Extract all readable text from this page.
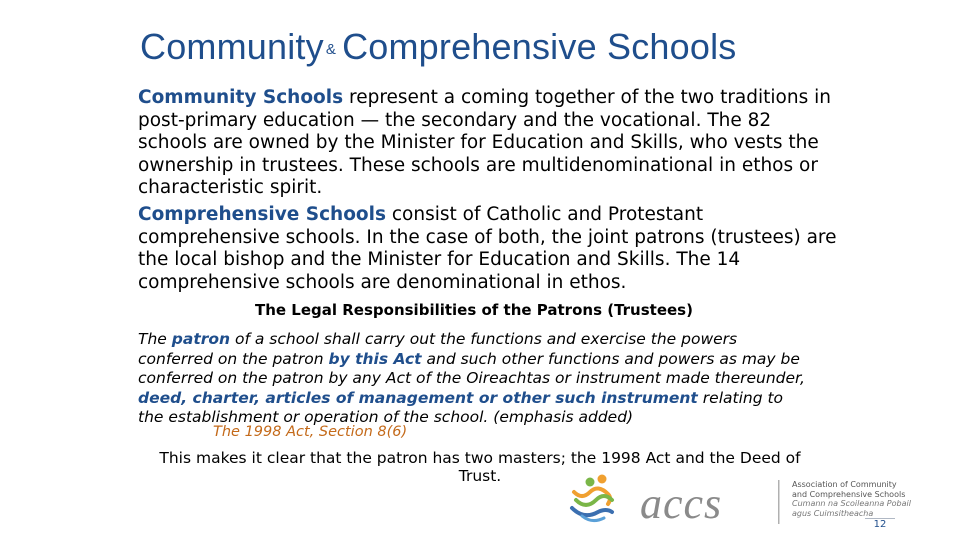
Community & Comprehensive Schools

Community Schools represent a coming together of the two traditions in post-primary education — the secondary and the vocational. The 82 schools are owned by the Minister for Education and Skills, who vests the ownership in trustees. These schools are multidenominational in ethos or characteristic spirit.

Comprehensive Schools consist of Catholic and Protestant comprehensive schools. In the case of both, the joint patrons (trustees) are the local bishop and the Minister for Education and Skills. The 14 comprehensive schools are denominational in ethos.

The Legal Responsibilities of the Patrons (Trustees)

The patron of a school shall carry out the functions and exercise the powers conferred on the patron by this Act and such other functions and powers as may be conferred on the patron by any Act of the Oireachtas or instrument made thereunder, deed, charter, articles of management or other such instrument relating to the establishment or operation of the school. (emphasis added)

The 1998 Act, Section 8(6)

This makes it clear that the patron has two masters; the 1998 Act and the Deed of Trust.

accs	Association of Community
and Comprehensive Schools
Cumann na Scoileanna Pobail
agus Cuimsitheacha
12
